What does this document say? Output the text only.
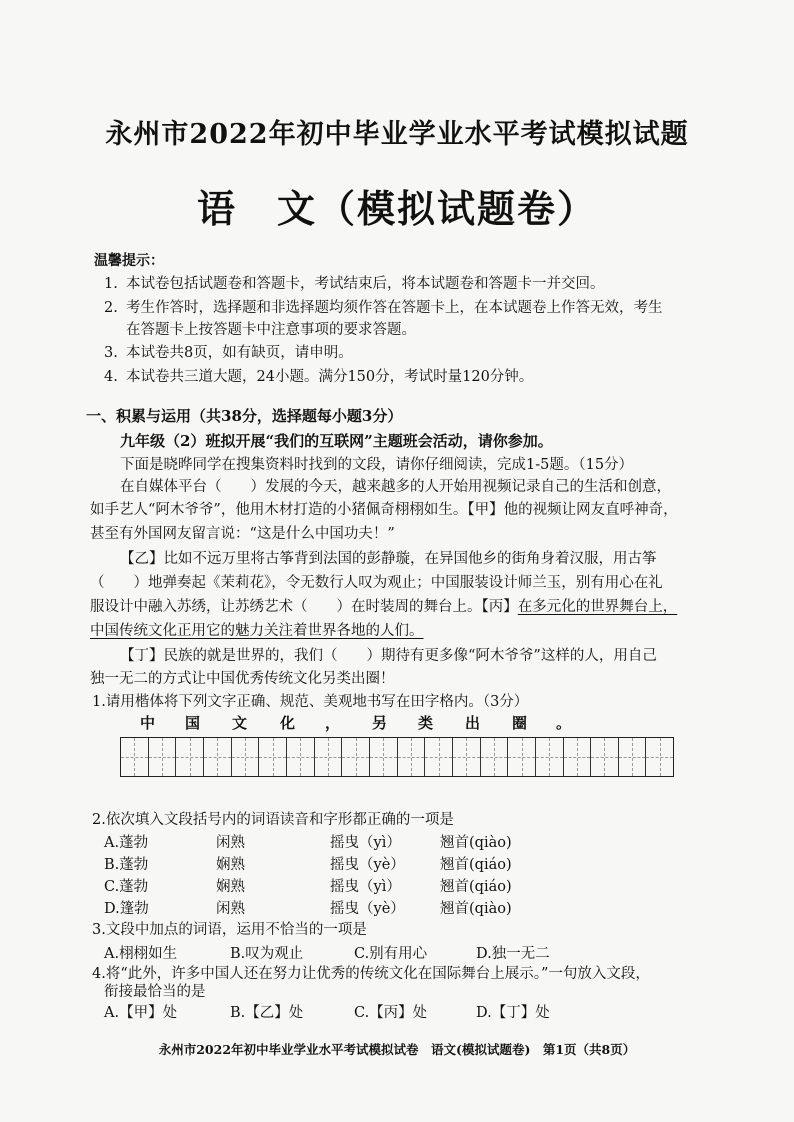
永州市2022年初中毕业学业水平考试模拟试题
语　文（模拟试题卷）
温馨提示：
1. 本试卷包括试题卷和答题卡，考试结束后，将本试题卷和答题卡一并交回。
2. 考生作答时，选择题和非选择题均须作答在答题卡上，在本试题卷上作答无效，考生
在答题卡上按答题卡中注意事项的要求答题。
3. 本试卷共8页，如有缺页，请申明。
4. 本试卷共三道大题，24小题。满分150分，考试时量120分钟。
一、积累与运用（共38分，选择题每小题3分）
九年级（2）班拟开展“我们的互联网”主题班会活动，请你参加。
下面是晓晔同学在搜集资料时找到的文段，请你仔细阅读，完成1-5题。（15分）
在自媒体平台（　　）发展的今天，越来越多的人开始用视频记录自己的生活和创意，
如手艺人“阿木爷爷”，他用木材打造的小猪佩奇栩栩如生。【甲】他的视频让网友直呼神奇，
甚至有外国网友留言说：“这是什么中国功夫！”
【乙】比如不远万里将古筝背到法国的彭静璇，在异国他乡的街角身着汉服，用古筝
（　　）地弹奏起《茉莉花》，令无数行人叹为观止；中国服装设计师兰玉，别有用心在礼
服设计中融入苏绣，让苏绣艺术（　　）在时装周的舞台上。【丙】在多元化的世界舞台上，
中国传统文化正用它的魅力关注着世界各地的人们。
【丁】民族的就是世界的，我们（　　）期待有更多像“阿木爷爷”这样的人，用自己
独一无二的方式让中国优秀传统文化另类出圈！
1.请用楷体将下列文字正确、规范、美观地书写在田字格内。（3分）
中 国 文 化 ， 另 类 出 圈 。
2.依次填入文段括号内的词语读音和字形都正确的一项是
A.蓬勃	闲熟	摇曳（yì）	翘首(qiào)
B.蓬勃	娴熟	摇曳（yè） 翘首(qiáo)
C.蓬勃	娴熟	摇曳（yì）	翘首(qiáo)
D.篷勃	闲熟	摇曳（yè） 翘首(qiào)
3.文段中加点的词语，运用不恰当的一项是
A.栩栩如生	B.叹为观止	C.别有用心	D.独一无二
4.将“此外，许多中国人还在努力让优秀的传统文化在国际舞台上展示。”一句放入文段，
衔接最恰当的是
A.【甲】处	B.【乙】处	C.【丙】处	D.【丁】处
永州市2022年初中毕业学业水平考试模拟试卷　语文(模拟试题卷)　第1页（共8页）
